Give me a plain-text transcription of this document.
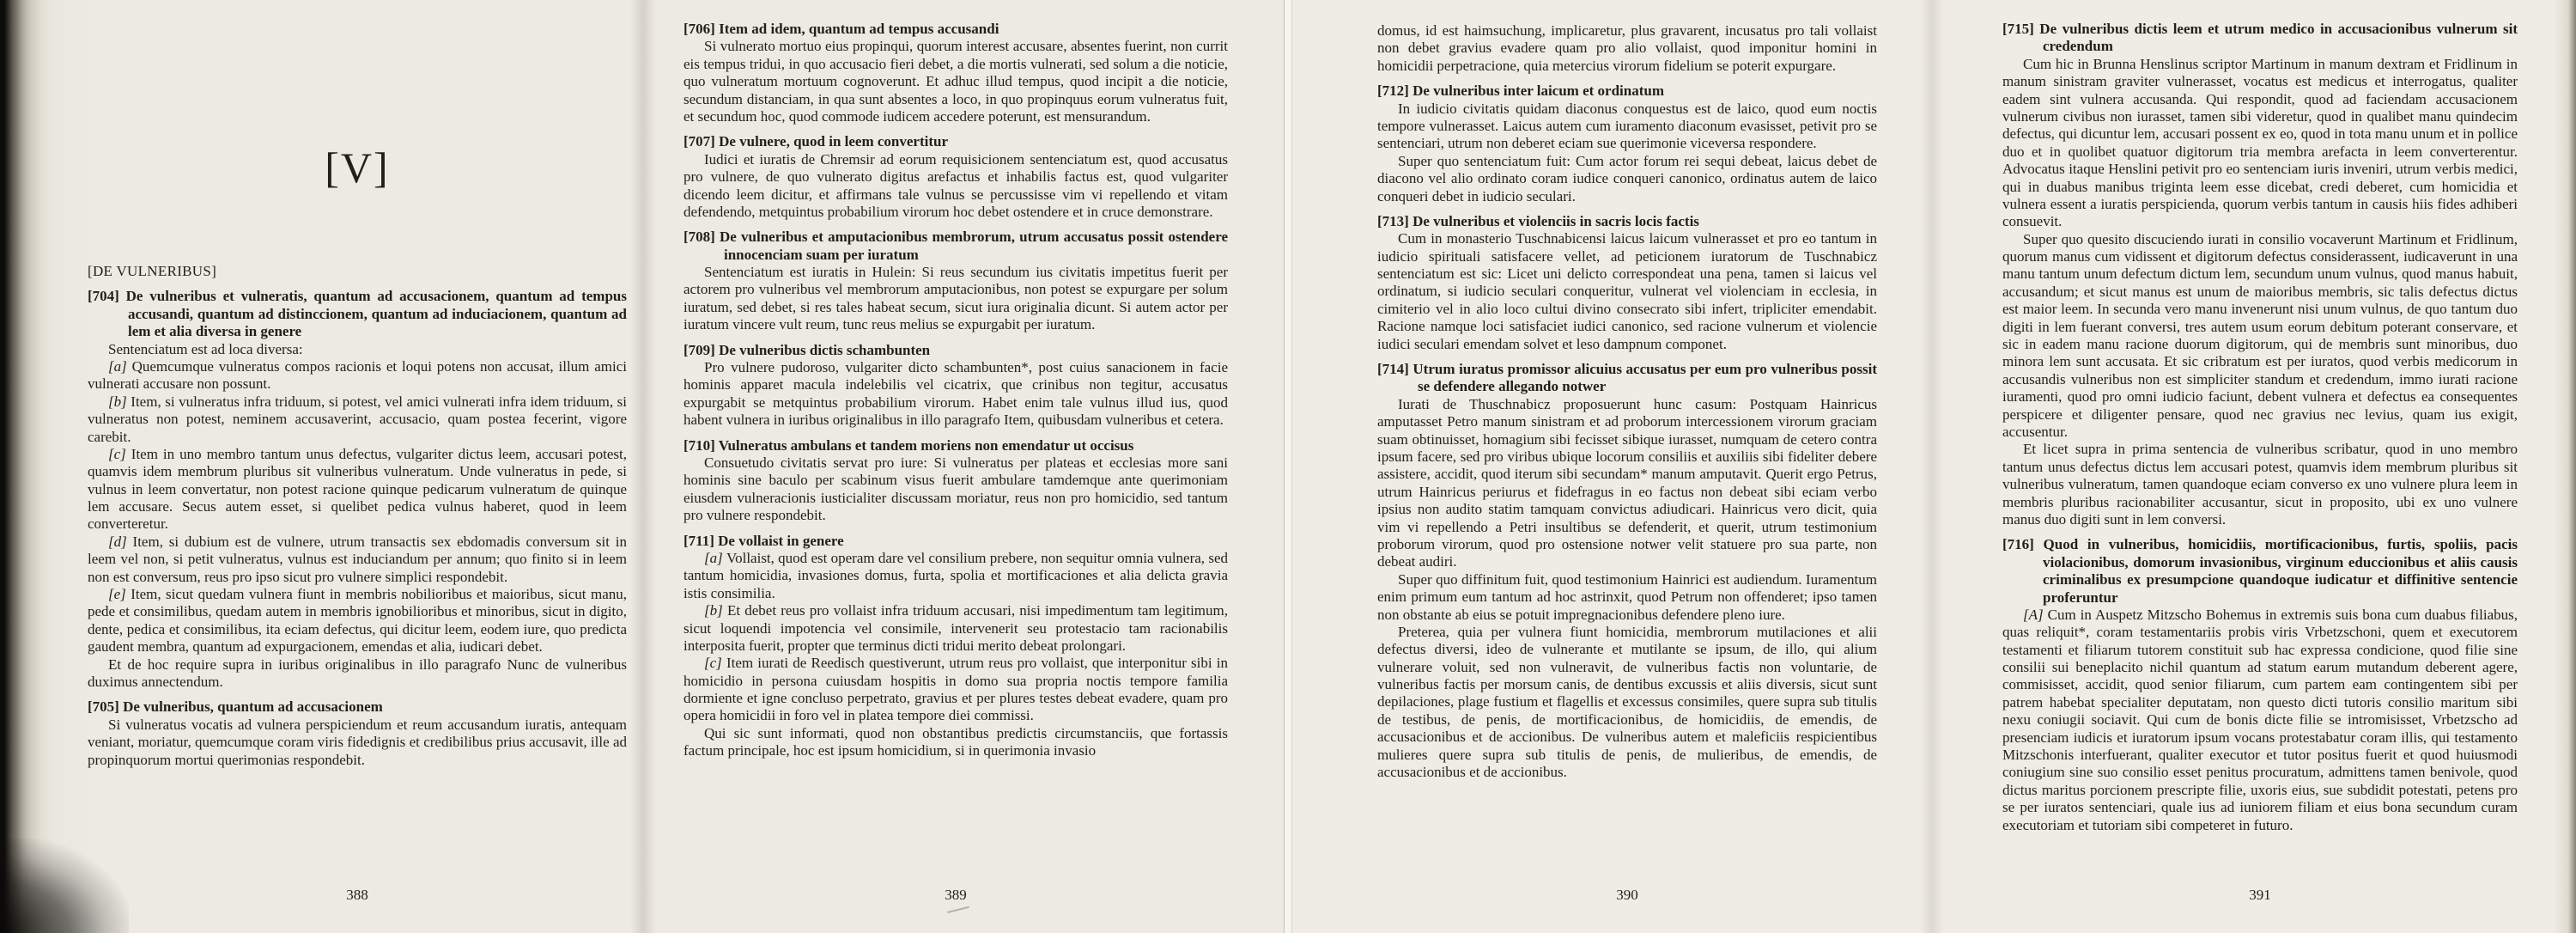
[V]
[DE VULNERIBUS]
[704] De vulneribus et vulneratis, quantum ad accusacionem, quantum ad tempus accusandi, quantum ad distinccionem, quantum ad induciacionem, quantum ad lem et alia diversa in genere

Sentenciatum est ad loca diversa:

[a] Quemcumque vulneratus compos racionis et loqui potens non accusat, illum amici vulnerati accusare non possunt.

[b] Item, si vulneratus infra triduum, si potest, vel amici vulnerati infra idem triduum, si vulneratus non potest, neminem accusaverint, accusacio, quam postea fecerint, vigore carebit.

[c] Item in uno membro tantum unus defectus, vulgariter dictus leem, accusari potest, quamvis idem membrum pluribus sit vulneribus vulneratum. Unde vulneratus in pede, si vulnus in leem convertatur, non potest racione quinque pedicarum vulneratum de quinque lem accusare. Secus autem esset, si quelibet pedica vulnus haberet, quod in leem converteretur.

[d] Item, si dubium est de vulnere, utrum transactis sex ebdomadis conversum sit in leem vel non, si petit vulneratus, vulnus est induciandum per annum; quo finito si in leem non est conversum, reus pro ipso sicut pro vulnere simplici respondebit.

[e] Item, sicut quedam vulnera fiunt in membris nobilioribus et maioribus, sicut manu, pede et consimilibus, quedam autem in membris ignobilioribus et minoribus, sicut in digito, dente, pedica et consimilibus, ita eciam defectus, qui dicitur leem, eodem iure, quo predicta gaudent membra, quantum ad expurgacionem, emendas et alia, iudicari debet.

Et de hoc require supra in iuribus originalibus in illo paragrafo Nunc de vulneribus duximus annectendum.

[705] De vulneribus, quantum ad accusacionem

Si vulneratus vocatis ad vulnera perspiciendum et reum accusandum iuratis, antequam veniant, moriatur, quemcumque coram viris fidedignis et credibilibus prius accusavit, ille ad propinquorum mortui querimonias respondebit.

388
[706] Item ad idem, quantum ad tempus accusandi

Si vulnerato mortuo eius propinqui, quorum interest accusare, absentes fuerint, non currit eis tempus tridui, in quo accusacio fieri debet, a die mortis vulnerati, sed solum a die noticie, quo vulneratum mortuum cognoverunt. Et adhuc illud tempus, quod incipit a die noticie, secundum distanciam, in qua sunt absentes a loco, in quo propinquus eorum vulneratus fuit, et secundum hoc, quod commode iudicem accedere poterunt, est mensurandum.

[707] De vulnere, quod in leem convertitur

Iudici et iuratis de Chremsir ad eorum requisicionem sentenciatum est, quod accusatus pro vulnere, de quo vulnerato digitus arefactus et inhabilis factus est, quod vulgariter dicendo leem dicitur, et affirmans tale vulnus se percussisse vim vi repellendo et vitam defendendo, metquintus probabilium virorum hoc debet ostendere et in cruce demonstrare.

[708] De vulneribus et amputacionibus membrorum, utrum accusatus possit ostendere innocenciam suam per iuratum

Sentenciatum est iuratis in Hulein: Si reus secundum ius civitatis impetitus fuerit per actorem pro vulneribus vel membrorum amputacionibus, non potest se expurgare per solum iuratum, sed debet, si res tales habeat secum, sicut iura originalia dicunt. Si autem actor per iuratum vincere vult reum, tunc reus melius se expurgabit per iuratum.

[709] De vulneribus dictis schambunten

Pro vulnere pudoroso, vulgariter dicto schambunten*, post cuius sanacionem in facie hominis apparet macula indelebilis vel cicatrix, que crinibus non tegitur, accusatus expurgabit se metquintus probabilium virorum. Habet enim tale vulnus illud ius, quod habent vulnera in iuribus originalibus in illo paragrafo Item, quibusdam vulneribus et cetera.

[710] Vulneratus ambulans et tandem moriens non emendatur ut occisus

Consuetudo civitatis servat pro iure: Si vulneratus per plateas et ecclesias more sani hominis sine baculo per scabinum visus fuerit ambulare tamdemque ante querimoniam eiusdem vulneracionis iusticialiter discussam moriatur, reus non pro homicidio, sed tantum pro vulnere respondebit.

[711] De vollaist in genere

[a] Vollaist, quod est operam dare vel consilium prebere, non sequitur omnia vulnera, sed tantum homicidia, invasiones domus, furta, spolia et mortificaciones et alia delicta gravia istis consimilia.

[b] Et debet reus pro vollaist infra triduum accusari, nisi impedimentum tam legitimum, sicut loquendi impotencia vel consimile, intervenerit seu protestacio tam racionabilis interposita fuerit, propter que terminus dicti tridui merito debeat prolongari.

[c] Item iurati de Reedisch questiverunt, utrum reus pro vollaist, que interponitur sibi in homicidio in persona cuiusdam hospitis in domo sua propria noctis tempore familia dormiente et igne concluso perpetrato, gravius et per plures testes debeat evadere, quam pro opera homicidii in foro vel in platea tempore diei commissi.

Qui sic sunt informati, quod non obstantibus predictis circumstanciis, que fortassis factum principale, hoc est ipsum homicidium, si in querimonia invasio

389

domus, id est haimsuchung, implicaretur, plus gravarent, incusatus pro tali vollaist non debet gravius evadere quam pro alio vollaist, quod imponitur homini in homicidii perpetracione, quia metercius virorum fidelium se poterit expurgare.

[712] De vulneribus inter laicum et ordinatum

In iudicio civitatis quidam diaconus conquestus est de laico, quod eum noctis tempore vulnerasset. Laicus autem cum iuramento diaconum evasisset, petivit pro se sentenciari, utrum non deberet eciam sue querimonie viceversa respondere.

Super quo sentenciatum fuit: Cum actor forum rei sequi debeat, laicus debet de diacono vel alio ordinato coram iudice conqueri canonico, ordinatus autem de laico conqueri debet in iudicio seculari.

[713] De vulneribus et violenciis in sacris locis factis

Cum in monasterio Tuschnabicensi laicus laicum vulnerasset et pro eo tantum in iudicio spirituali satisfacere vellet, ad peticionem iuratorum de Tuschnabicz sentenciatum est sic: Licet uni delicto correspondeat una pena, tamen si laicus vel ordinatum, si iudicio seculari conqueritur, vulnerat vel violenciam in ecclesia, in cimiterio vel in alio loco cultui divino consecrato sibi infert, tripliciter emendabit. Racione namque loci satisfaciet iudici canonico, sed racione vulnerum et violencie iudici seculari emendam solvet et leso dampnum componet.

[714] Utrum iuratus promissor alicuius accusatus per eum pro vulneribus possit se defendere allegando notwer

Iurati de Thuschnabicz proposuerunt hunc casum: Postquam Hainricus amputasset Petro manum sinistram et ad proborum intercessionem virorum graciam suam obtinuisset, homagium sibi fecisset sibique iurasset, numquam de cetero contra ipsum facere, sed pro viribus ubique locorum consiliis et auxiliis sibi fideliter debere assistere, accidit, quod iterum sibi secundam* manum amputavit. Querit ergo Petrus, utrum Hainricus periurus et fidefragus in eo factus non debeat sibi eciam verbo ipsius non audito statim tamquam convictus adiudicari. Hainricus vero dicit, quia vim vi repellendo a Petri insultibus se defenderit, et querit, utrum testimonium proborum virorum, quod pro ostensione notwer velit statuere pro sua parte, non debeat audiri.

Super quo diffinitum fuit, quod testimonium Hainrici est audiendum. Iuramentum enim primum eum tantum ad hoc astrinxit, quod Petrum non offenderet; ipso tamen non obstante ab eius se potuit impregnacionibus defendere pleno iure.

Preterea, quia per vulnera fiunt homicidia, membrorum mutilaciones et alii defectus diversi, ideo de vulnerante et mutilante se ipsum, de illo, qui alium vulnerare voluit, sed non vulneravit, de vulneribus factis non voluntarie, de vulneribus factis per morsum canis, de dentibus excussis et aliis diversis, sicut sunt depilaciones, plage fustium et flagellis et excessus consimiles, quere supra sub titulis de testibus, de penis, de mortificacionibus, de homicidiis, de emendis, de accusacionibus et de accionibus. De vulneribus autem et maleficiis respicientibus mulieres quere supra sub titulis de penis, de mulieribus, de emendis, de accusacionibus et de accionibus.

390
[715] De vulneribus dictis leem et utrum medico in accusacionibus vulnerum sit credendum

Cum hic in Brunna Henslinus scriptor Martinum in manum dextram et Fridlinum in manum sinistram graviter vulnerasset, vocatus est medicus et interrogatus, qualiter eadem sint vulnera accusanda. Qui respondit, quod ad faciendam accusacionem vulnerum civibus non iurasset, tamen sibi videretur, quod in qualibet manu quindecim defectus, qui dicuntur lem, accusari possent ex eo, quod in tota manu unum et in pollice duo et in quolibet quatuor digitorum tria membra arefacta in leem converterentur. Advocatus itaque Henslini petivit pro eo sentenciam iuris inveniri, utrum verbis medici, qui in duabus manibus triginta leem esse dicebat, credi deberet, cum homicidia et vulnera essent a iuratis perspicienda, quorum verbis tantum in causis hiis fides adhiberi consuevit.

Super quo quesito discuciendo iurati in consilio vocaverunt Martinum et Fridlinum, quorum manus cum vidissent et digitorum defectus considerassent, iudicaverunt in una manu tantum unum defectum dictum lem, secundum unum vulnus, quod manus habuit, accusandum; et sicut manus est unum de maioribus membris, sic talis defectus dictus est maior leem. In secunda vero manu invenerunt nisi unum vulnus, de quo tantum duo digiti in lem fuerant conversi, tres autem usum eorum debitum poterant conservare, et sic in eadem manu racione duorum digitorum, qui de membris sunt minoribus, duo minora lem sunt accusata. Et sic cribratum est per iuratos, quod verbis medicorum in accusandis vulneribus non est simpliciter standum et credendum, immo iurati racione iuramenti, quod pro omni iudicio faciunt, debent vulnera et defectus ea consequentes perspicere et diligenter pensare, quod nec gravius nec levius, quam ius exigit, accusentur.

Et licet supra in prima sentencia de vulneribus scribatur, quod in uno membro tantum unus defectus dictus lem accusari potest, quamvis idem membrum pluribus sit vulneribus vulneratum, tamen quandoque eciam converso ex uno vulnere plura leem in membris pluribus racionabiliter accusantur, sicut in proposito, ubi ex uno vulnere manus duo digiti sunt in lem conversi.

[716] Quod in vulneribus, homicidiis, mortificacionibus, furtis, spoliis, pacis violacionibus, domorum invasionibus, virginum educcionibus et aliis causis criminalibus ex presumpcione quandoque iudicatur et diffinitive sentencie proferuntur

[A] Cum in Auspetz Mitzscho Bohemus in extremis suis bona cum duabus filiabus, quas reliquit*, coram testamentariis probis viris Vrbetzschoni, quem et executorem testamenti et filiarum tutorem constituit sub hac expressa condicione, quod filie sine consilii sui beneplacito nichil quantum ad statum earum mutandum deberent agere, commisisset, accidit, quod senior filiarum, cum partem eam contingentem sibi per patrem habebat specialiter deputatam, non questo dicti tutoris consilio maritum sibi nexu coniugii sociavit. Qui cum de bonis dicte filie se intromisisset, Vrbetzscho ad presenciam iudicis et iuratorum ipsum vocans protestabatur coram illis, qui testamento Mitzschonis interfuerant, qualiter executor et tutor positus fuerit et quod huiusmodi coniugium sine suo consilio esset penitus procuratum, admittens tamen benivole, quod dictus maritus porcionem prescripte filie, uxoris eius, sue subdidit potestati, petens pro se per iuratos sentenciari, quale ius ad iuniorem filiam et eius bona secundum curam executoriam et tutoriam sibi competeret in futuro.

391
